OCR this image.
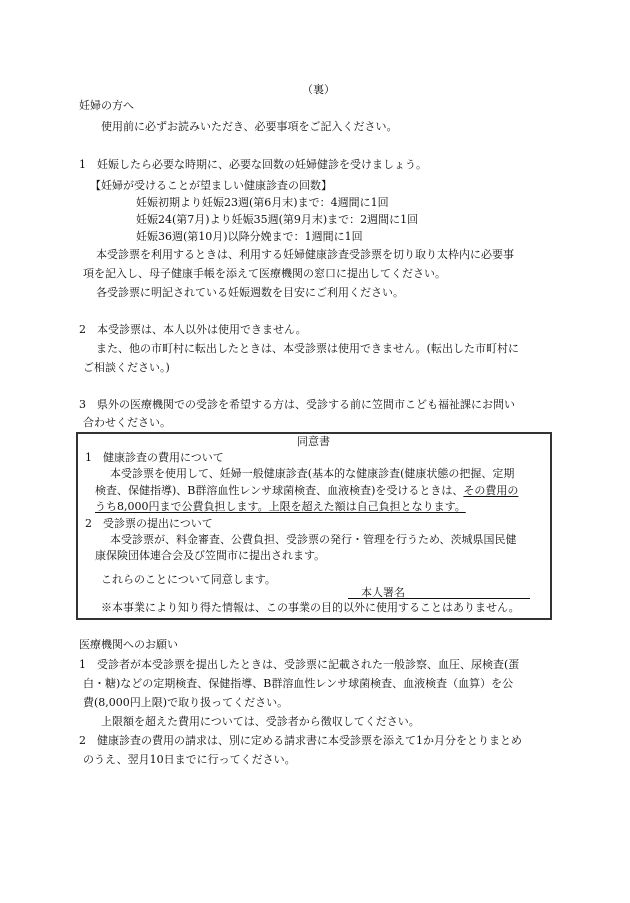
（裏）
妊婦の方へ
使用前に必ずお読みいただき、必要事項をご記入ください。
1　妊娠したら必要な時期に、必要な回数の妊婦健診を受けましょう。
【妊婦が受けることが望ましい健康診査の回数】
妊娠初期より妊娠23週(第6月末)まで：4週間に1回
妊娠24(第7月)より妊娠35週(第9月末)まで：2週間に1回
妊娠36週(第10月)以降分娩まで：1週間に1回
本受診票を利用するときは、利用する妊婦健康診査受診票を切り取り太枠内に必要事
項を記入し、母子健康手帳を添えて医療機関の窓口に提出してください。
各受診票に明記されている妊娠週数を目安にご利用ください。
2　本受診票は、本人以外は使用できません。
また、他の市町村に転出したときは、本受診票は使用できません。(転出した市町村に
ご相談ください。)
3　県外の医療機関での受診を希望する方は、受診する前に笠間市こども福祉課にお問い
合わせください。
同意書
1　健康診査の費用について
本受診票を使用して、妊婦一般健康診査(基本的な健康診査(健康状態の把握、定期
検査、保健指導)、B群溶血性レンサ球菌検査、血液検査)を受けるときは、その費用の
うち8,000円まで公費負担します。上限を超えた額は自己負担となります。
2　受診票の提出について
本受診票が、料金審査、公費負担、受診票の発行・管理を行うため、茨城県国民健
康保険団体連合会及び笠間市に提出されます。
これらのことについて同意します。
本人署名
※本事業により知り得た情報は、この事業の目的以外に使用することはありません。
医療機関へのお願い
1　受診者が本受診票を提出したときは、受診票に記載された一般診察、血圧、尿検査(蛋
白・糖)などの定期検査、保健指導、B群溶血性レンサ球菌検査、血液検査（血算）を公
費(8,000円上限)で取り扱ってください。
上限額を超えた費用については、受診者から徴収してください。
2　健康診査の費用の請求は、別に定める請求書に本受診票を添えて1か月分をとりまとめ
のうえ、翌月10日までに行ってください。
